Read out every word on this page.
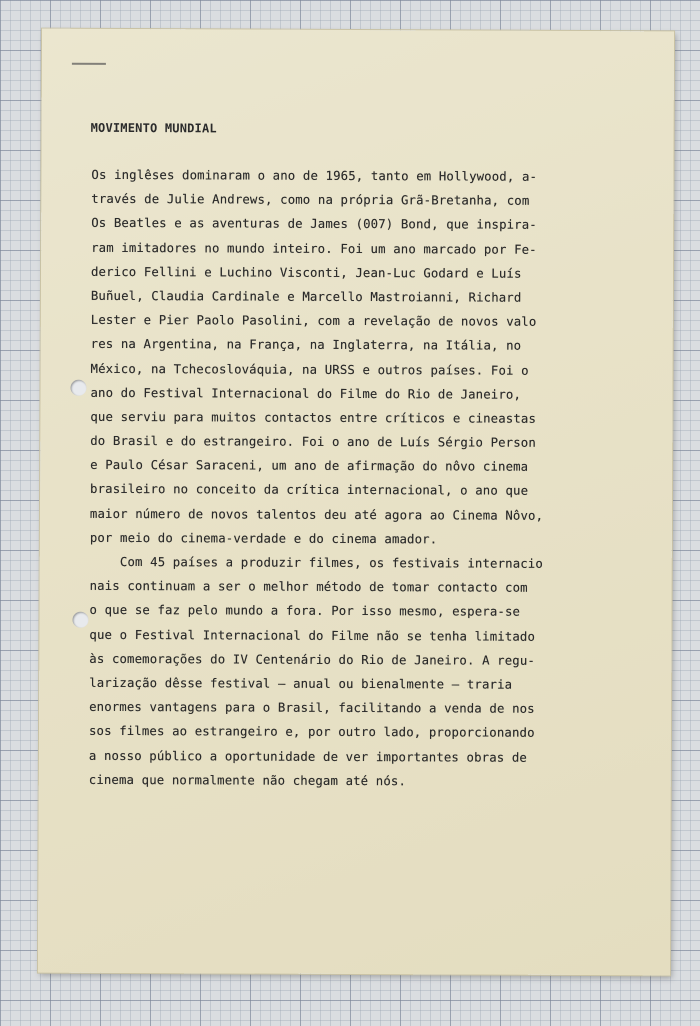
MOVIMENTO MUNDIAL
Os inglêses dominaram o ano de 1965, tanto em Hollywood, a-
través de Julie Andrews, como na própria Grã-Bretanha, com
Os Beatles e as aventuras de James (007) Bond, que inspira-
ram imitadores no mundo inteiro. Foi um ano marcado por Fe-
derico Fellini e Luchino Visconti, Jean-Luc Godard e Luís
Buñuel, Claudia Cardinale e Marcello Mastroianni, Richard
Lester e Pier Paolo Pasolini, com a revelação de novos valo
res na Argentina, na França, na Inglaterra, na Itália, no
México, na Tchecoslováquia, na URSS e outros países. Foi o
ano do Festival Internacional do Filme do Rio de Janeiro,
que serviu para muitos contactos entre críticos e cineastas
do Brasil e do estrangeiro. Foi o ano de Luís Sérgio Person
e Paulo César Saraceni, um ano de afirmação do nôvo cinema
brasileiro no conceito da crítica internacional, o ano que
maior número de novos talentos deu até agora ao Cinema Nôvo,
por meio do cinema-verdade e do cinema amador.
Com 45 países a produzir filmes, os festivais internacio
nais continuam a ser o melhor método de tomar contacto com
o que se faz pelo mundo a fora. Por isso mesmo, espera-se
que o Festival Internacional do Filme não se tenha limitado
às comemorações do IV Centenário do Rio de Janeiro. A regu-
larização dêsse festival — anual ou bienalmente — traria
enormes vantagens para o Brasil, facilitando a venda de nos
sos filmes ao estrangeiro e, por outro lado, proporcionando
a nosso público a oportunidade de ver importantes obras de
cinema que normalmente não chegam até nós.
